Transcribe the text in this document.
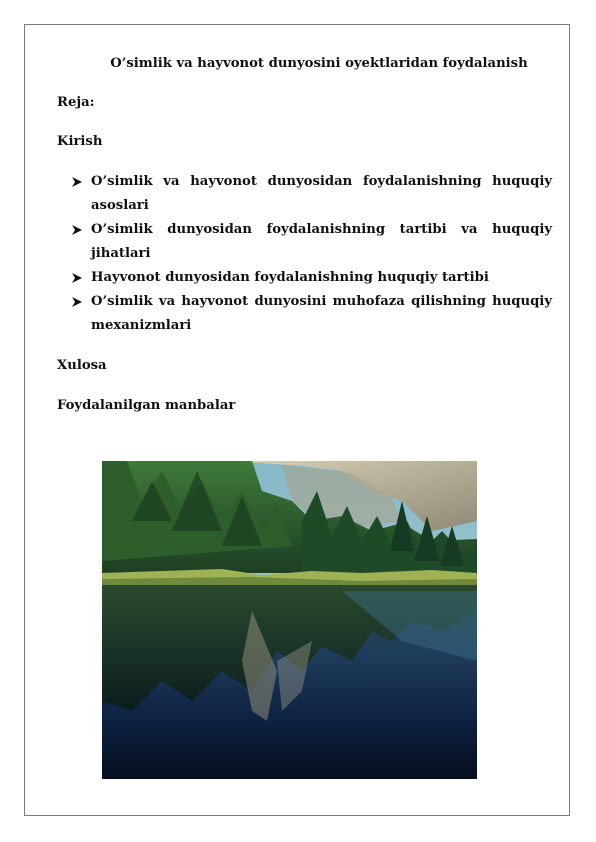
O’simlik va hayvonot dunyosini oyektlaridan foydalanish
Reja:
Kirish
O’simlik va hayvonot dunyosidan foydalanishning huquqiy asoslari
O’simlik dunyosidan foydalanishning tartibi va huquqiy jihatlari
Hayvonot dunyosidan foydalanishning huquqiy tartibi
O’simlik va hayvonot dunyosini muhofaza qilishning huquqiy mexanizmlari
Xulosa
Foydalanilgan manbalar
